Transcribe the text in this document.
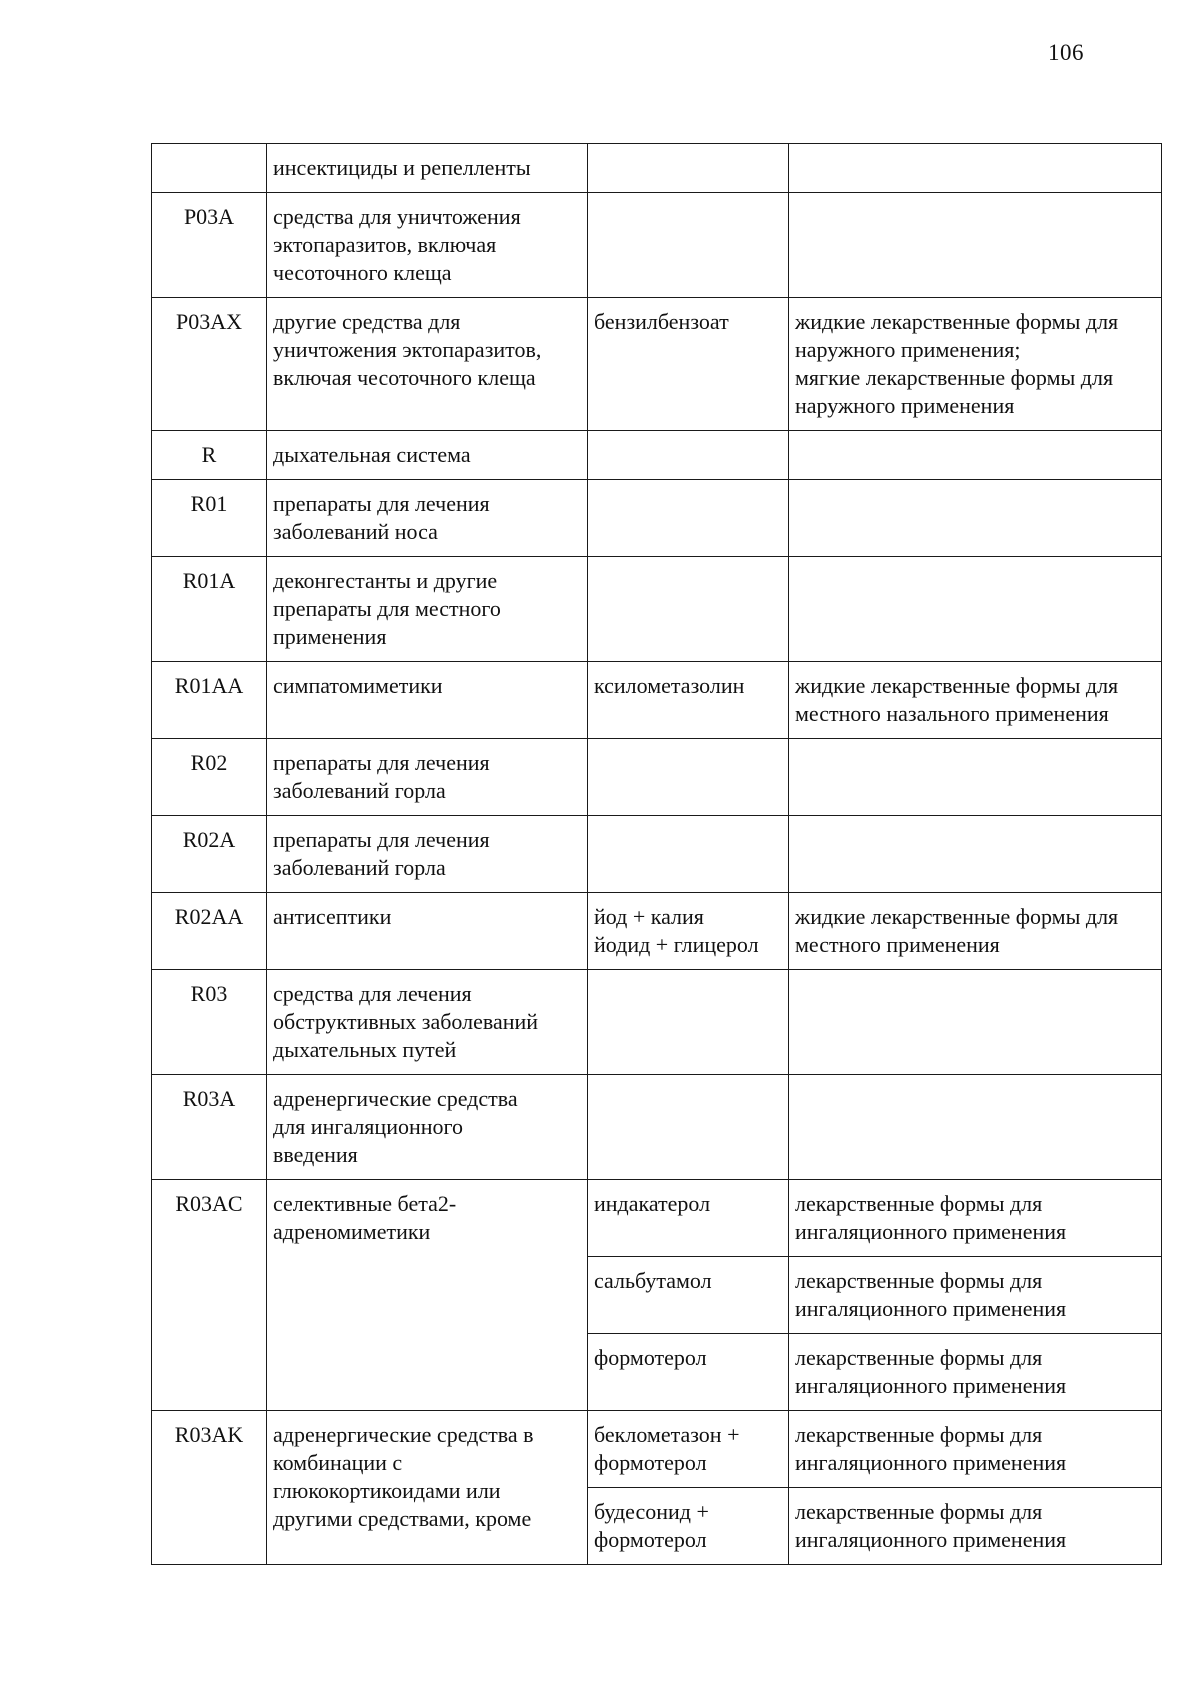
106
	инсектициды и репелленты		
P03A	средства для уничтожения
эктопаразитов, включая
чесоточного клеща		
P03AX	другие средства для
уничтожения эктопаразитов,
включая чесоточного клеща	бензилбензоат	жидкие лекарственные формы для
наружного применения;
мягкие лекарственные формы для
наружного применения
R	дыхательная система		
R01	препараты для лечения
заболеваний носа		
R01A	деконгестанты и другие
препараты для местного
применения		
R01AA	симпатомиметики	ксилометазолин	жидкие лекарственные формы для
местного назального применения
R02	препараты для лечения
заболеваний горла		
R02A	препараты для лечения
заболеваний горла		
R02AA	антисептики	йод + калия
йодид + глицерол	жидкие лекарственные формы для
местного применения
R03	средства для лечения
обструктивных заболеваний
дыхательных путей		
R03A	адренергические средства
для ингаляционного
введения		
R03AC	селективные бета2-
адреномиметики	индакатерол	лекарственные формы для
ингаляционного применения
		сальбутамол	лекарственные формы для
ингаляционного применения
		формотерол	лекарственные формы для
ингаляционного применения
R03AK	адренергические средства в
комбинации с
глюкокортикоидами или
другими средствами, кроме	беклометазон +
формотерол	лекарственные формы для
ингаляционного применения
		будесонид +
формотерол	лекарственные формы для
ингаляционного применения
